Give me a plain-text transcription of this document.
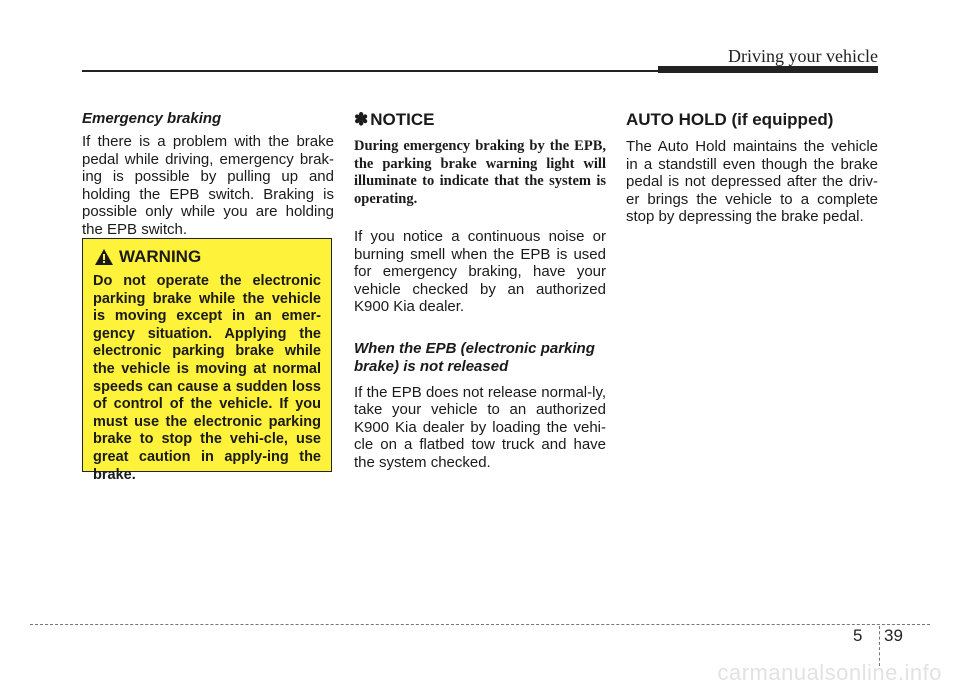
Driving your vehicle

Emergency braking

If there is a problem with the brake pedal while driving, emergency brak-ing is possible by pulling up and holding the EPB switch. Braking is possible only while you are holding the EPB switch.

WARNING

Do not operate the electronic parking brake while the vehicle is moving except in an emer-gency situation. Applying the electronic parking brake while the vehicle is moving at normal speeds can cause a sudden loss of control of the vehicle. If you must use the electronic parking brake to stop the vehi-cle, use great caution in apply-ing the brake.

✽ NOTICE

During emergency braking by the EPB, the parking brake warning light will illuminate to indicate that the system is operating.

If you notice a continuous noise or burning smell when the EPB is used for emergency braking, have your vehicle checked by an authorized K900 Kia dealer.

When the EPB (electronic parking brake) is not released

If the EPB does not release normal-ly, take your vehicle to an authorized K900 Kia dealer by loading the vehi-cle on a flatbed tow truck and have the system checked.

AUTO HOLD (if equipped)

The Auto Hold maintains the vehicle in a standstill even though the brake pedal is not depressed after the driv-er brings the vehicle to a complete stop by depressing the brake pedal.

5 39
carmanualsonline.info
